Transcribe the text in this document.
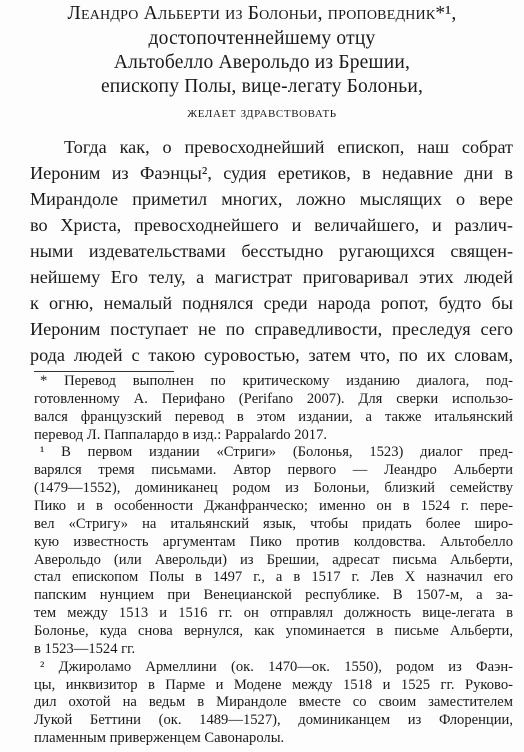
Леандро Альберти из Болоньи, проповедник*¹,

достопочтеннейшему отцу

Альтобелло Аверольдо из Брешии,

епископу Полы, вице-легату Болоньи,

желает здравствовать

Тогда как, о превосходнейший епископ, наш собрат

Иероним из Фаэнцы², судия еретиков, в недавние дни в

Мирандоле приметил многих, ложно мыслящих о вере

во Христа, превосходнейшего и величайшего, и различ-

ными издевательствами бесстыдно ругающихся священ-

нейшему Его телу, а магистрат приговаривал этих людей

к огню, немалый поднялся среди народа ропот, будто бы

Иероним поступает не по справедливости, преследуя сего

рода людей с такою суровостью, затем что, по их словам,

* Перевод выполнен по критическому изданию диалога, под-

готовленному А. Перифано (Perifano 2007). Для сверки использо-

вался французский перевод в этом издании, а также итальянский

перевод Л. Паппалардо в изд.: Pappalardo 2017.

¹ В первом издании «Стриги» (Болонья, 1523) диалог пред-

варялся тремя письмами. Автор первого — Леандро Альберти

(1479—1552), доминиканец родом из Болоньи, близкий семейству

Пико и в особенности Джанфранческо; именно он в 1524 г. пере-

вел «Стригу» на итальянский язык, чтобы придать более широ-

кую известность аргументам Пико против колдовства. Альтобелло

Аверольдо (или Аверольди) из Брешии, адресат письма Альберти,

стал епископом Полы в 1497 г., а в 1517 г. Лев X назначил его

папским нунцием при Венецианской республике. В 1507-м, а за-

тем между 1513 и 1516 гг. он отправлял должность вице-легата в

Болонье, куда снова вернулся, как упоминается в письме Альберти,

в 1523—1524 гг.

² Джироламо Армеллини (ок. 1470—ок. 1550), родом из Фаэн-

цы, инквизитор в Парме и Модене между 1518 и 1525 гг. Руково-

дил охотой на ведьм в Мирандоле вместе со своим заместителем

Лукой Беттини (ок. 1489—1527), доминиканцем из Флоренции,

пламенным приверженцем Савонаролы.
